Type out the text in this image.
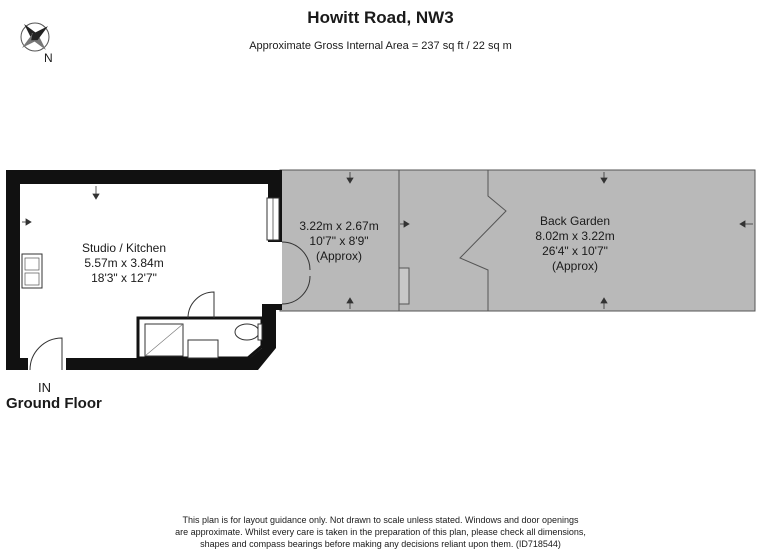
Howitt Road, NW3
Approximate Gross Internal Area = 237 sq ft / 22 sq m
N
Studio / Kitchen
5.57m x 3.84m
18'3" x 12'7"
3.22m x 2.67m
10'7" x 8'9"
(Approx)
Back Garden
8.02m x 3.22m
26'4" x 10'7"
(Approx)
IN
Ground Floor
This plan is for layout guidance only. Not drawn to scale unless stated. Windows and door openings
are approximate. Whilst every care is taken in the preparation of this plan, please check all dimensions,
shapes and compass bearings before making any decisions reliant upon them. (ID718544)
